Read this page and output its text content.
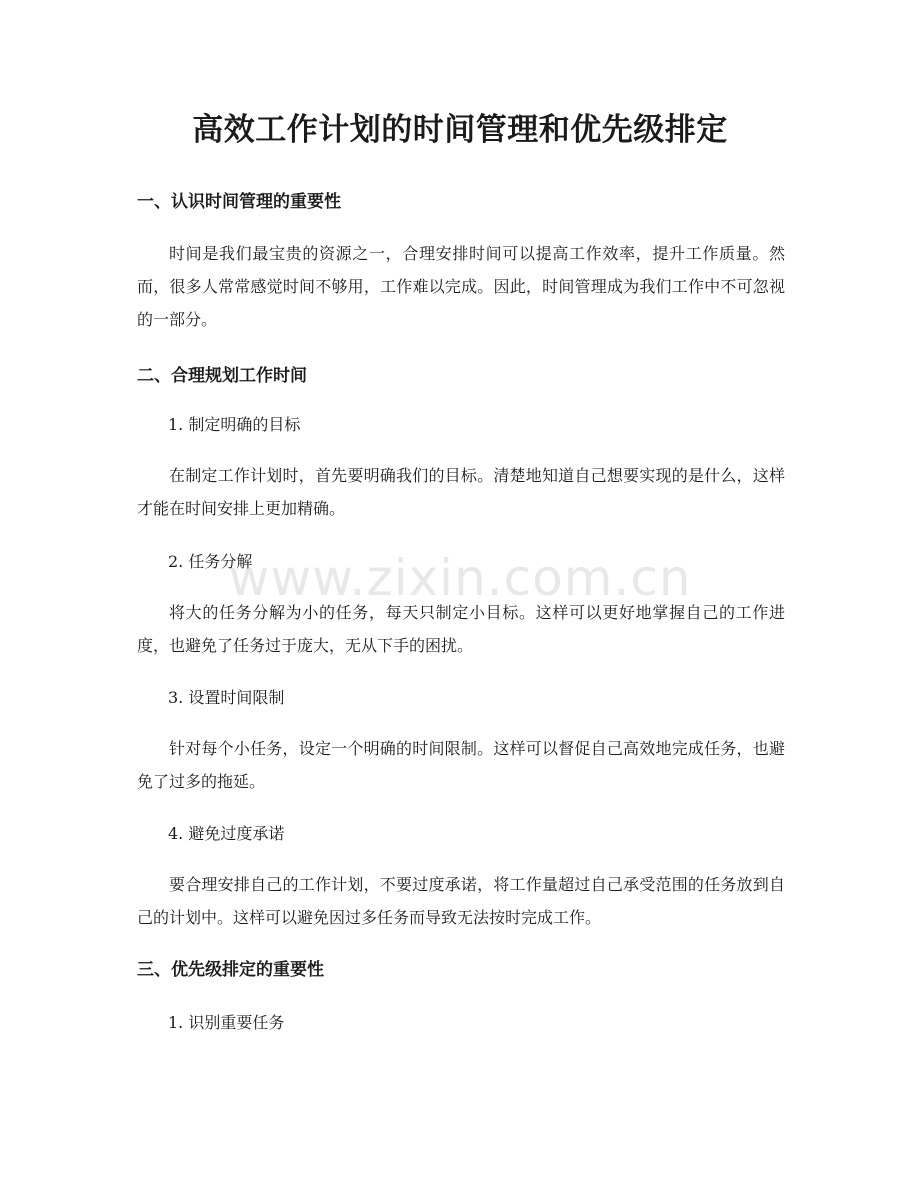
高效工作计划的时间管理和优先级排定
一、认识时间管理的重要性

时间是我们最宝贵的资源之一，合理安排时间可以提高工作效率，提升工作质量。然而，很多人常常感觉时间不够用，工作难以完成。因此，时间管理成为我们工作中不可忽视的一部分。

二、合理规划工作时间

1. 制定明确的目标

在制定工作计划时，首先要明确我们的目标。清楚地知道自己想要实现的是什么，这样才能在时间安排上更加精确。

2. 任务分解

将大的任务分解为小的任务，每天只制定小目标。这样可以更好地掌握自己的工作进度，也避免了任务过于庞大，无从下手的困扰。

3. 设置时间限制

针对每个小任务，设定一个明确的时间限制。这样可以督促自己高效地完成任务，也避免了过多的拖延。

4. 避免过度承诺

要合理安排自己的工作计划，不要过度承诺，将工作量超过自己承受范围的任务放到自己的计划中。这样可以避免因过多任务而导致无法按时完成工作。

三、优先级排定的重要性

1. 识别重要任务

www.zixin.com.cn
